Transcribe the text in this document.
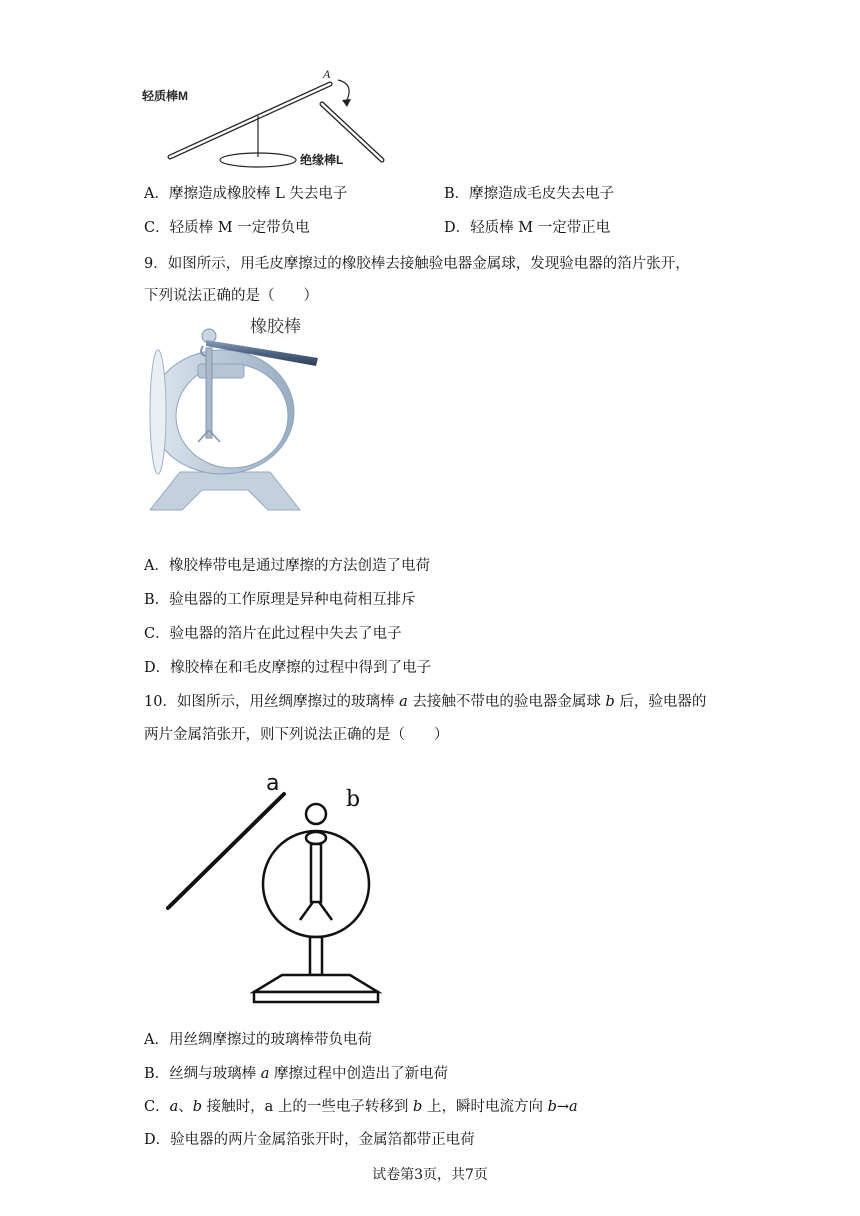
轻质棒M
A
绝缘棒L
A．摩擦造成橡胶棒 L 失去电子	B．摩擦造成毛皮失去电子
C．轻质棒 M 一定带负电	D．轻质棒 M 一定带正电
9．如图所示，用毛皮摩擦过的橡胶棒去接触验电器金属球，发现验电器的箔片张开，
下列说法正确的是（　　）
橡胶棒
A．橡胶棒带电是通过摩擦的方法创造了电荷
B．验电器的工作原理是异种电荷相互排斥
C．验电器的箔片在此过程中失去了电子
D．橡胶棒在和毛皮摩擦的过程中得到了电子
10．如图所示，用丝绸摩擦过的玻璃棒 a 去接触不带电的验电器金属球 b 后，验电器的
两片金属箔张开，则下列说法正确的是（　　）
a
b
A．用丝绸摩擦过的玻璃棒带负电荷
B．丝绸与玻璃棒 a 摩擦过程中创造出了新电荷
C．a、b 接触时，a 上的一些电子转移到 b 上，瞬时电流方向 b→a
D．验电器的两片金属箔张开时，金属箔都带正电荷
试卷第3页，共7页
